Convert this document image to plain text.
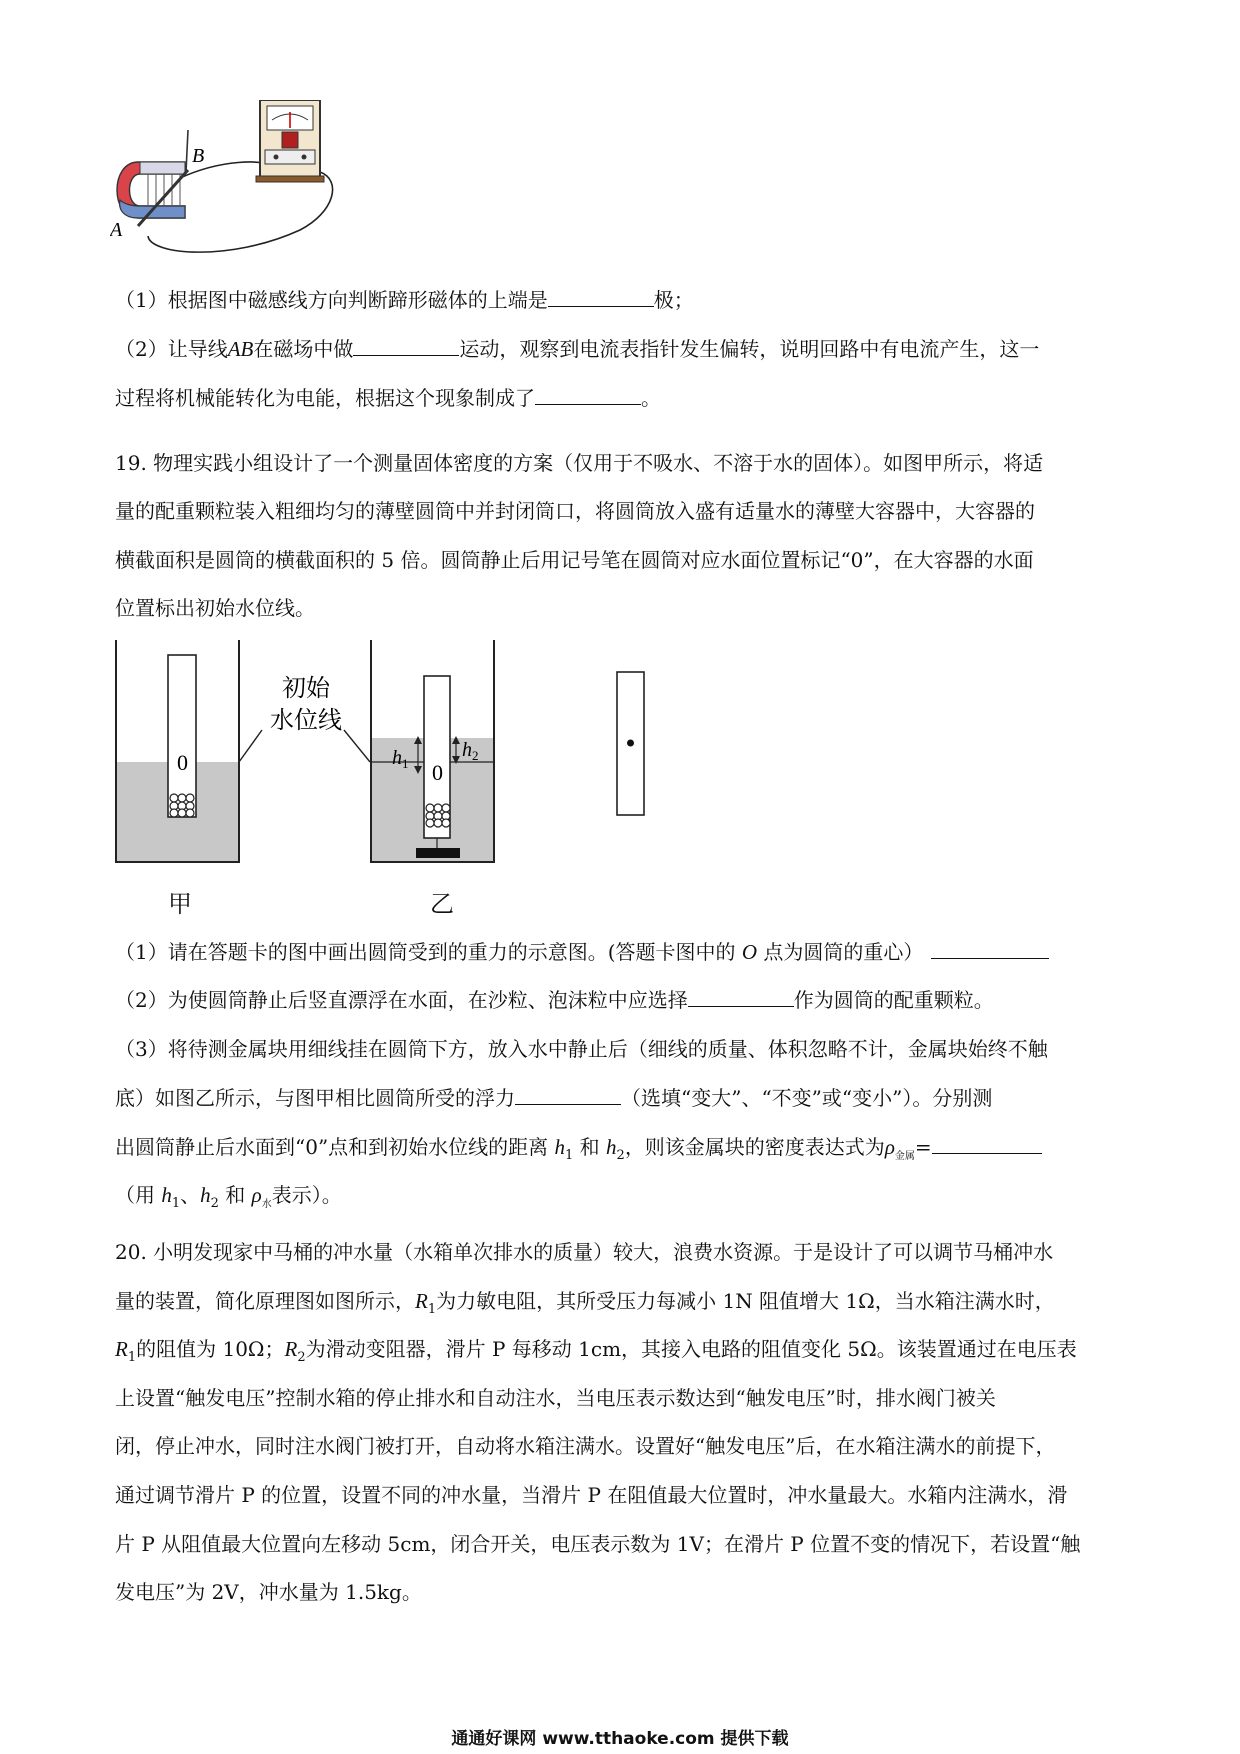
A
B
（1）根据图中磁感线方向判断蹄形磁体的上端是	极；
（2）让导线AB在磁场中做	运动，观察到电流表指针发生偏转，说明回路中有电流产生，这一
过程将机械能转化为电能，根据这个现象制成了	。
19. 物理实践小组设计了一个测量固体密度的方案（仅用于不吸水、不溶于水的固体）。如图甲所示，将适
量的配重颗粒装入粗细均匀的薄壁圆筒中并封闭筒口，将圆筒放入盛有适量水的薄壁大容器中，大容器的
横截面积是圆筒的横截面积的 5 倍。圆筒静止后用记号笔在圆筒对应水面位置标记“0”，在大容器的水面
位置标出初始水位线。
0
初始
水位线
0
$h_1$
$h_2$
甲	乙
（1）请在答题卡的图中画出圆筒受到的重力的示意图。(答题卡图中的 O 点为圆筒的重心）
（2）为使圆筒静止后竖直漂浮在水面，在沙粒、泡沫粒中应选择	作为圆筒的配重颗粒。
（3）将待测金属块用细线挂在圆筒下方，放入水中静止后（细线的质量、体积忽略不计，金属块始终不触
底）如图乙所示，与图甲相比圆筒所受的浮力	（选填“变大”、“不变”或“变小”）。分别测
出圆筒静止后水面到“0”点和到初始水位线的距离 $h_1$ 和 $h_2$，则该金属块的密度表达式为$\rho_{金属}=$
（用 $h_1$、$h_2$ 和 $\rho_水$表示）。
20. 小明发现家中马桶的冲水量（水箱单次排水的质量）较大，浪费水资源。于是设计了可以调节马桶冲水
量的装置，简化原理图如图所示，$R_1$为力敏电阻，其所受压力每减小 1N 阻值增大 1Ω，当水箱注满水时，
$R_1$的阻值为 10Ω；$R_2$为滑动变阻器，滑片 P 每移动 1cm，其接入电路的阻值变化 5Ω。该装置通过在电压表
上设置“触发电压”控制水箱的停止排水和自动注水，当电压表示数达到“触发电压”时，排水阀门被关
闭，停止冲水，同时注水阀门被打开，自动将水箱注满水。设置好“触发电压”后，在水箱注满水的前提下，
通过调节滑片 P 的位置，设置不同的冲水量，当滑片 P 在阻值最大位置时，冲水量最大。水箱内注满水，滑
片 P 从阻值最大位置向左移动 5cm，闭合开关，电压表示数为 1V；在滑片 P 位置不变的情况下，若设置“触
发电压”为 2V，冲水量为 1.5kg。
通通好课网 www.tthaoke.com 提供下载
